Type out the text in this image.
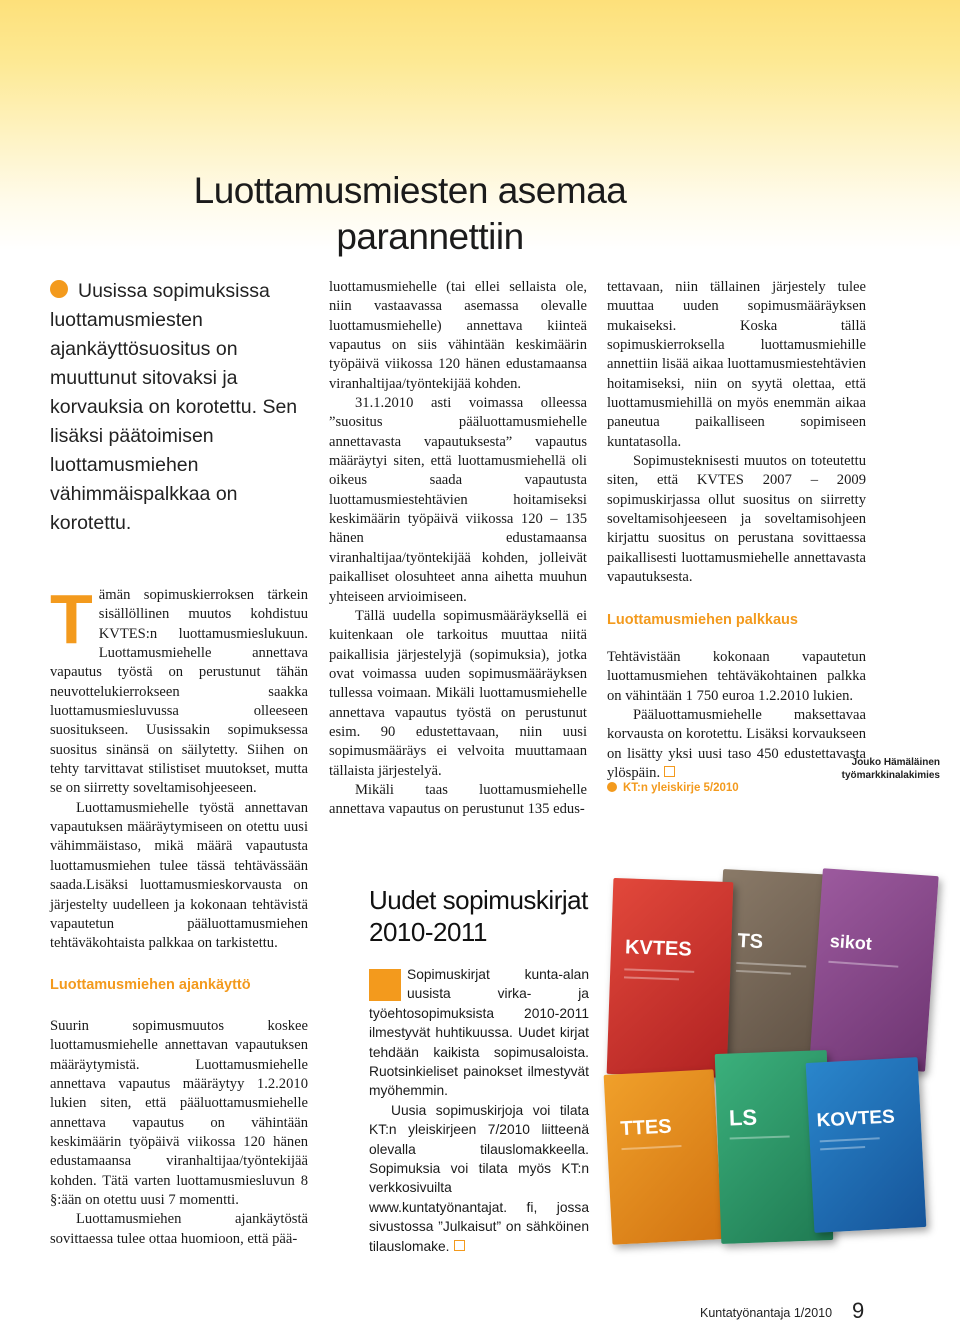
Luottamusmiesten asemaa
parannettiin
Uusissa sopimuksissa luottamusmiesten ajankäyttösuositus on muuttunut sitovaksi ja korvauksia on korotettu. Sen lisäksi päätoimisen luottamusmiehen vähimmäispalkkaa on korotettu.

Tämän sopimuskierroksen tärkein sisällöllinen muutos kohdistuu KVTES:n luottamusmieslukuun. Luottamusmiehelle annettava vapautus työstä on perustunut tähän neuvottelukierrokseen saakka luottamusmiesluvussa olleeseen suositukseen. Uusissakin sopimuksessa suositus sinänsä on säilytetty. Siihen on tehty tarvittavat stilistiset muutokset, mutta se on siirretty soveltamisohjeeseen.

Luottamusmiehelle työstä annettavan vapautuksen määräytymiseen on otettu uusi vähimmäistaso, mikä määrä vapautusta luottamusmiehen tulee tässä tehtävässään saada.Lisäksi luottamusmieskorvausta on järjestelty uudelleen ja kokonaan tehtävistä vapautetun pääluottamusmiehen tehtäväkohtaista palkkaa on tarkistettu.

Luottamusmiehen ajankäyttö

Suurin sopimusmuutos koskee luottamusmiehelle annettavan vapautuksen määräytymistä. Luottamusmiehelle annettava vapautus määräytyy 1.2.2010 lukien siten, että pääluottamusmiehelle annettava vapautus on vähintään keskimäärin työpäivä viikossa 120 hänen edustamaansa viranhaltijaa/työntekijää kohden. Tätä varten luottamusmiesluvun 8 §:ään on otettu uusi 7 momentti.

Luottamusmiehen ajankäytöstä sovittaessa tulee ottaa huomioon, että pää-

luottamusmiehelle (tai ellei sellaista ole, niin vastaavassa asemassa olevalle luottamusmiehelle) annettava kiinteä vapautus on siis vähintään keskimäärin työpäivä viikossa 120 hänen edustamaansa viranhaltijaa/työntekijää kohden.

31.1.2010 asti voimassa olleessa ”suositus pääluottamusmiehelle annettavasta vapautuksesta” vapautus määräytyi siten, että luottamusmiehellä oli oikeus saada vapautusta luottamusmiestehtävien hoitamiseksi keskimäärin työpäivä viikossa 120 – 135 hänen edustamaansa viranhaltijaa/työntekijää kohden, jolleivät paikalliset olosuhteet anna aihetta muuhun yhteiseen arvioimiseen.

Tällä uudella sopimusmääräyksellä ei kuitenkaan ole tarkoitus muuttaa niitä paikallisia järjestelyjä (sopimuksia), jotka ovat voimassa uuden sopimusmääräyksen tullessa voimaan. Mikäli luottamusmiehelle annettava vapautus työstä on perustunut esim. 90 edustettavaan, niin uusi sopimusmääräys ei velvoita muuttamaan tällaista järjestelyä.

Mikäli taas luottamusmiehelle annettava vapautus on perustunut 135 edus-

tettavaan, niin tällainen järjestely tulee muuttaa uuden sopimusmääräyksen mukaiseksi. Koska tällä sopimuskierroksella luottamusmiehille annettiin lisää aikaa luottamusmiestehtävien hoitamiseksi, niin on syytä olettaa, että luottamusmiehillä on myös enemmän aikaa paneutua paikalliseen sopimiseen kuntatasolla.

Sopimusteknisesti muutos on toteutettu siten, että KVTES 2007 – 2009 sopimuskirjassa ollut suositus on siirretty soveltamisohjeeseen ja soveltamisohjeen kirjattu suositus on perustana sovittaessa paikallisesti luottamusmiehelle annettavasta vapautuksesta.

Luottamusmiehen palkkaus

Tehtävistään kokonaan vapautetun luottamusmiehen tehtäväkohtainen palkka on vähintään 1 750 euroa 1.2.2010 lukien.

Pääluottamusmiehelle maksettavaa korvausta on korotettu. Lisäksi korvaukseen on lisätty yksi uusi taso 450 edustettavasta ylöspäin.

Jouko Hämäläinen
työmarkkinalakimies
KT:n yleiskirje 5/2010
Uudet sopimuskirjat 2010-2011

Sopimuskirjat kunta-alan uusista virka- ja työehtosopimuksista 2010-2011 ilmestyvät huhtikuussa. Uudet kirjat tehdään kaikista sopimusaloista. Ruotsinkieliset painokset ilmestyvät myöhemmin.

Uusia sopimuskirjoja voi tilata KT:n yleiskirjeen 7/2010 liitteenä olevalla tilauslomakkeella. Sopimuksia voi tilata myös KT:n verkkosivuilta www.kuntatyönantajat. fi, jossa sivustossa ”Julkaisut” on sähköinen tilauslomake.

TS	sikot
KVTES
TTES	LS	KOVTES
Kuntatyönantaja 1/2010 9
